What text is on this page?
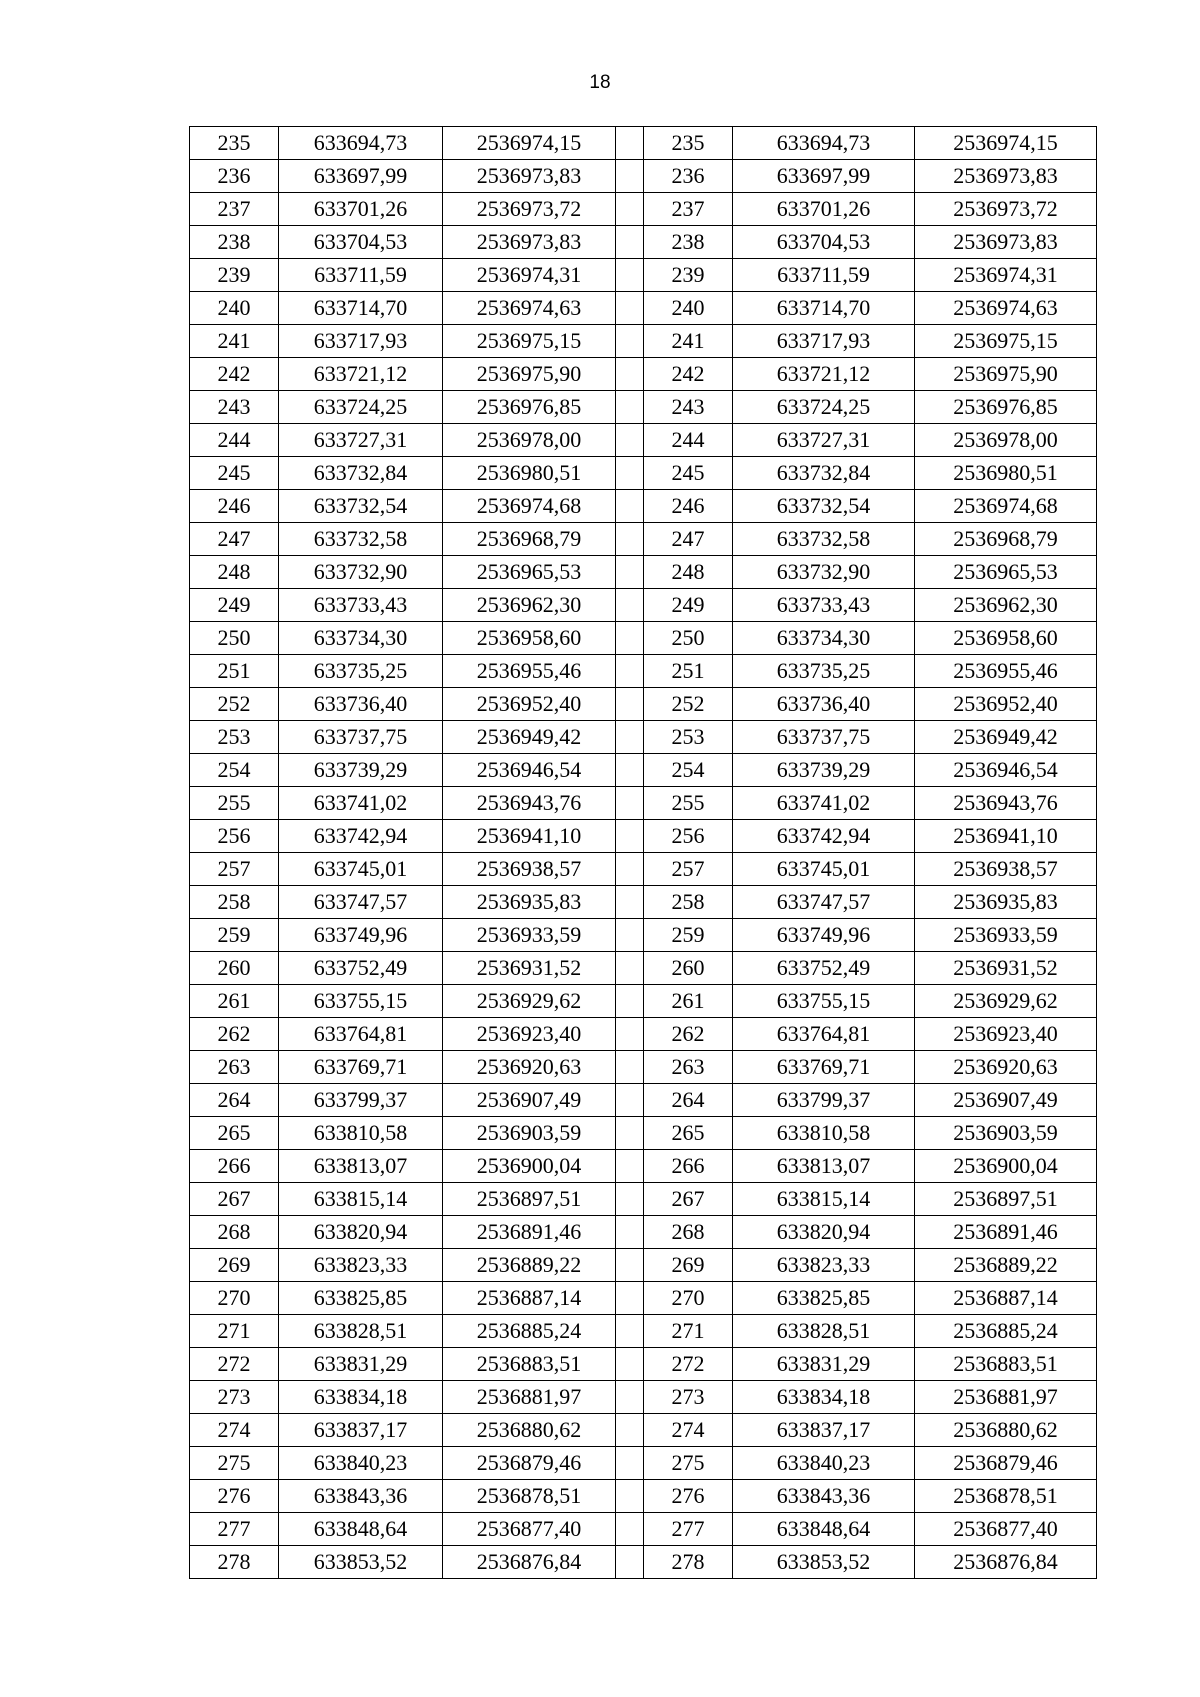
18
235	633694,73	2536974,15		235	633694,73	2536974,15
236	633697,99	2536973,83		236	633697,99	2536973,83
237	633701,26	2536973,72		237	633701,26	2536973,72
238	633704,53	2536973,83		238	633704,53	2536973,83
239	633711,59	2536974,31		239	633711,59	2536974,31
240	633714,70	2536974,63		240	633714,70	2536974,63
241	633717,93	2536975,15		241	633717,93	2536975,15
242	633721,12	2536975,90		242	633721,12	2536975,90
243	633724,25	2536976,85		243	633724,25	2536976,85
244	633727,31	2536978,00		244	633727,31	2536978,00
245	633732,84	2536980,51		245	633732,84	2536980,51
246	633732,54	2536974,68		246	633732,54	2536974,68
247	633732,58	2536968,79		247	633732,58	2536968,79
248	633732,90	2536965,53		248	633732,90	2536965,53
249	633733,43	2536962,30		249	633733,43	2536962,30
250	633734,30	2536958,60		250	633734,30	2536958,60
251	633735,25	2536955,46		251	633735,25	2536955,46
252	633736,40	2536952,40		252	633736,40	2536952,40
253	633737,75	2536949,42		253	633737,75	2536949,42
254	633739,29	2536946,54		254	633739,29	2536946,54
255	633741,02	2536943,76		255	633741,02	2536943,76
256	633742,94	2536941,10		256	633742,94	2536941,10
257	633745,01	2536938,57		257	633745,01	2536938,57
258	633747,57	2536935,83		258	633747,57	2536935,83
259	633749,96	2536933,59		259	633749,96	2536933,59
260	633752,49	2536931,52		260	633752,49	2536931,52
261	633755,15	2536929,62		261	633755,15	2536929,62
262	633764,81	2536923,40		262	633764,81	2536923,40
263	633769,71	2536920,63		263	633769,71	2536920,63
264	633799,37	2536907,49		264	633799,37	2536907,49
265	633810,58	2536903,59		265	633810,58	2536903,59
266	633813,07	2536900,04		266	633813,07	2536900,04
267	633815,14	2536897,51		267	633815,14	2536897,51
268	633820,94	2536891,46		268	633820,94	2536891,46
269	633823,33	2536889,22		269	633823,33	2536889,22
270	633825,85	2536887,14		270	633825,85	2536887,14
271	633828,51	2536885,24		271	633828,51	2536885,24
272	633831,29	2536883,51		272	633831,29	2536883,51
273	633834,18	2536881,97		273	633834,18	2536881,97
274	633837,17	2536880,62		274	633837,17	2536880,62
275	633840,23	2536879,46		275	633840,23	2536879,46
276	633843,36	2536878,51		276	633843,36	2536878,51
277	633848,64	2536877,40		277	633848,64	2536877,40
278	633853,52	2536876,84		278	633853,52	2536876,84
